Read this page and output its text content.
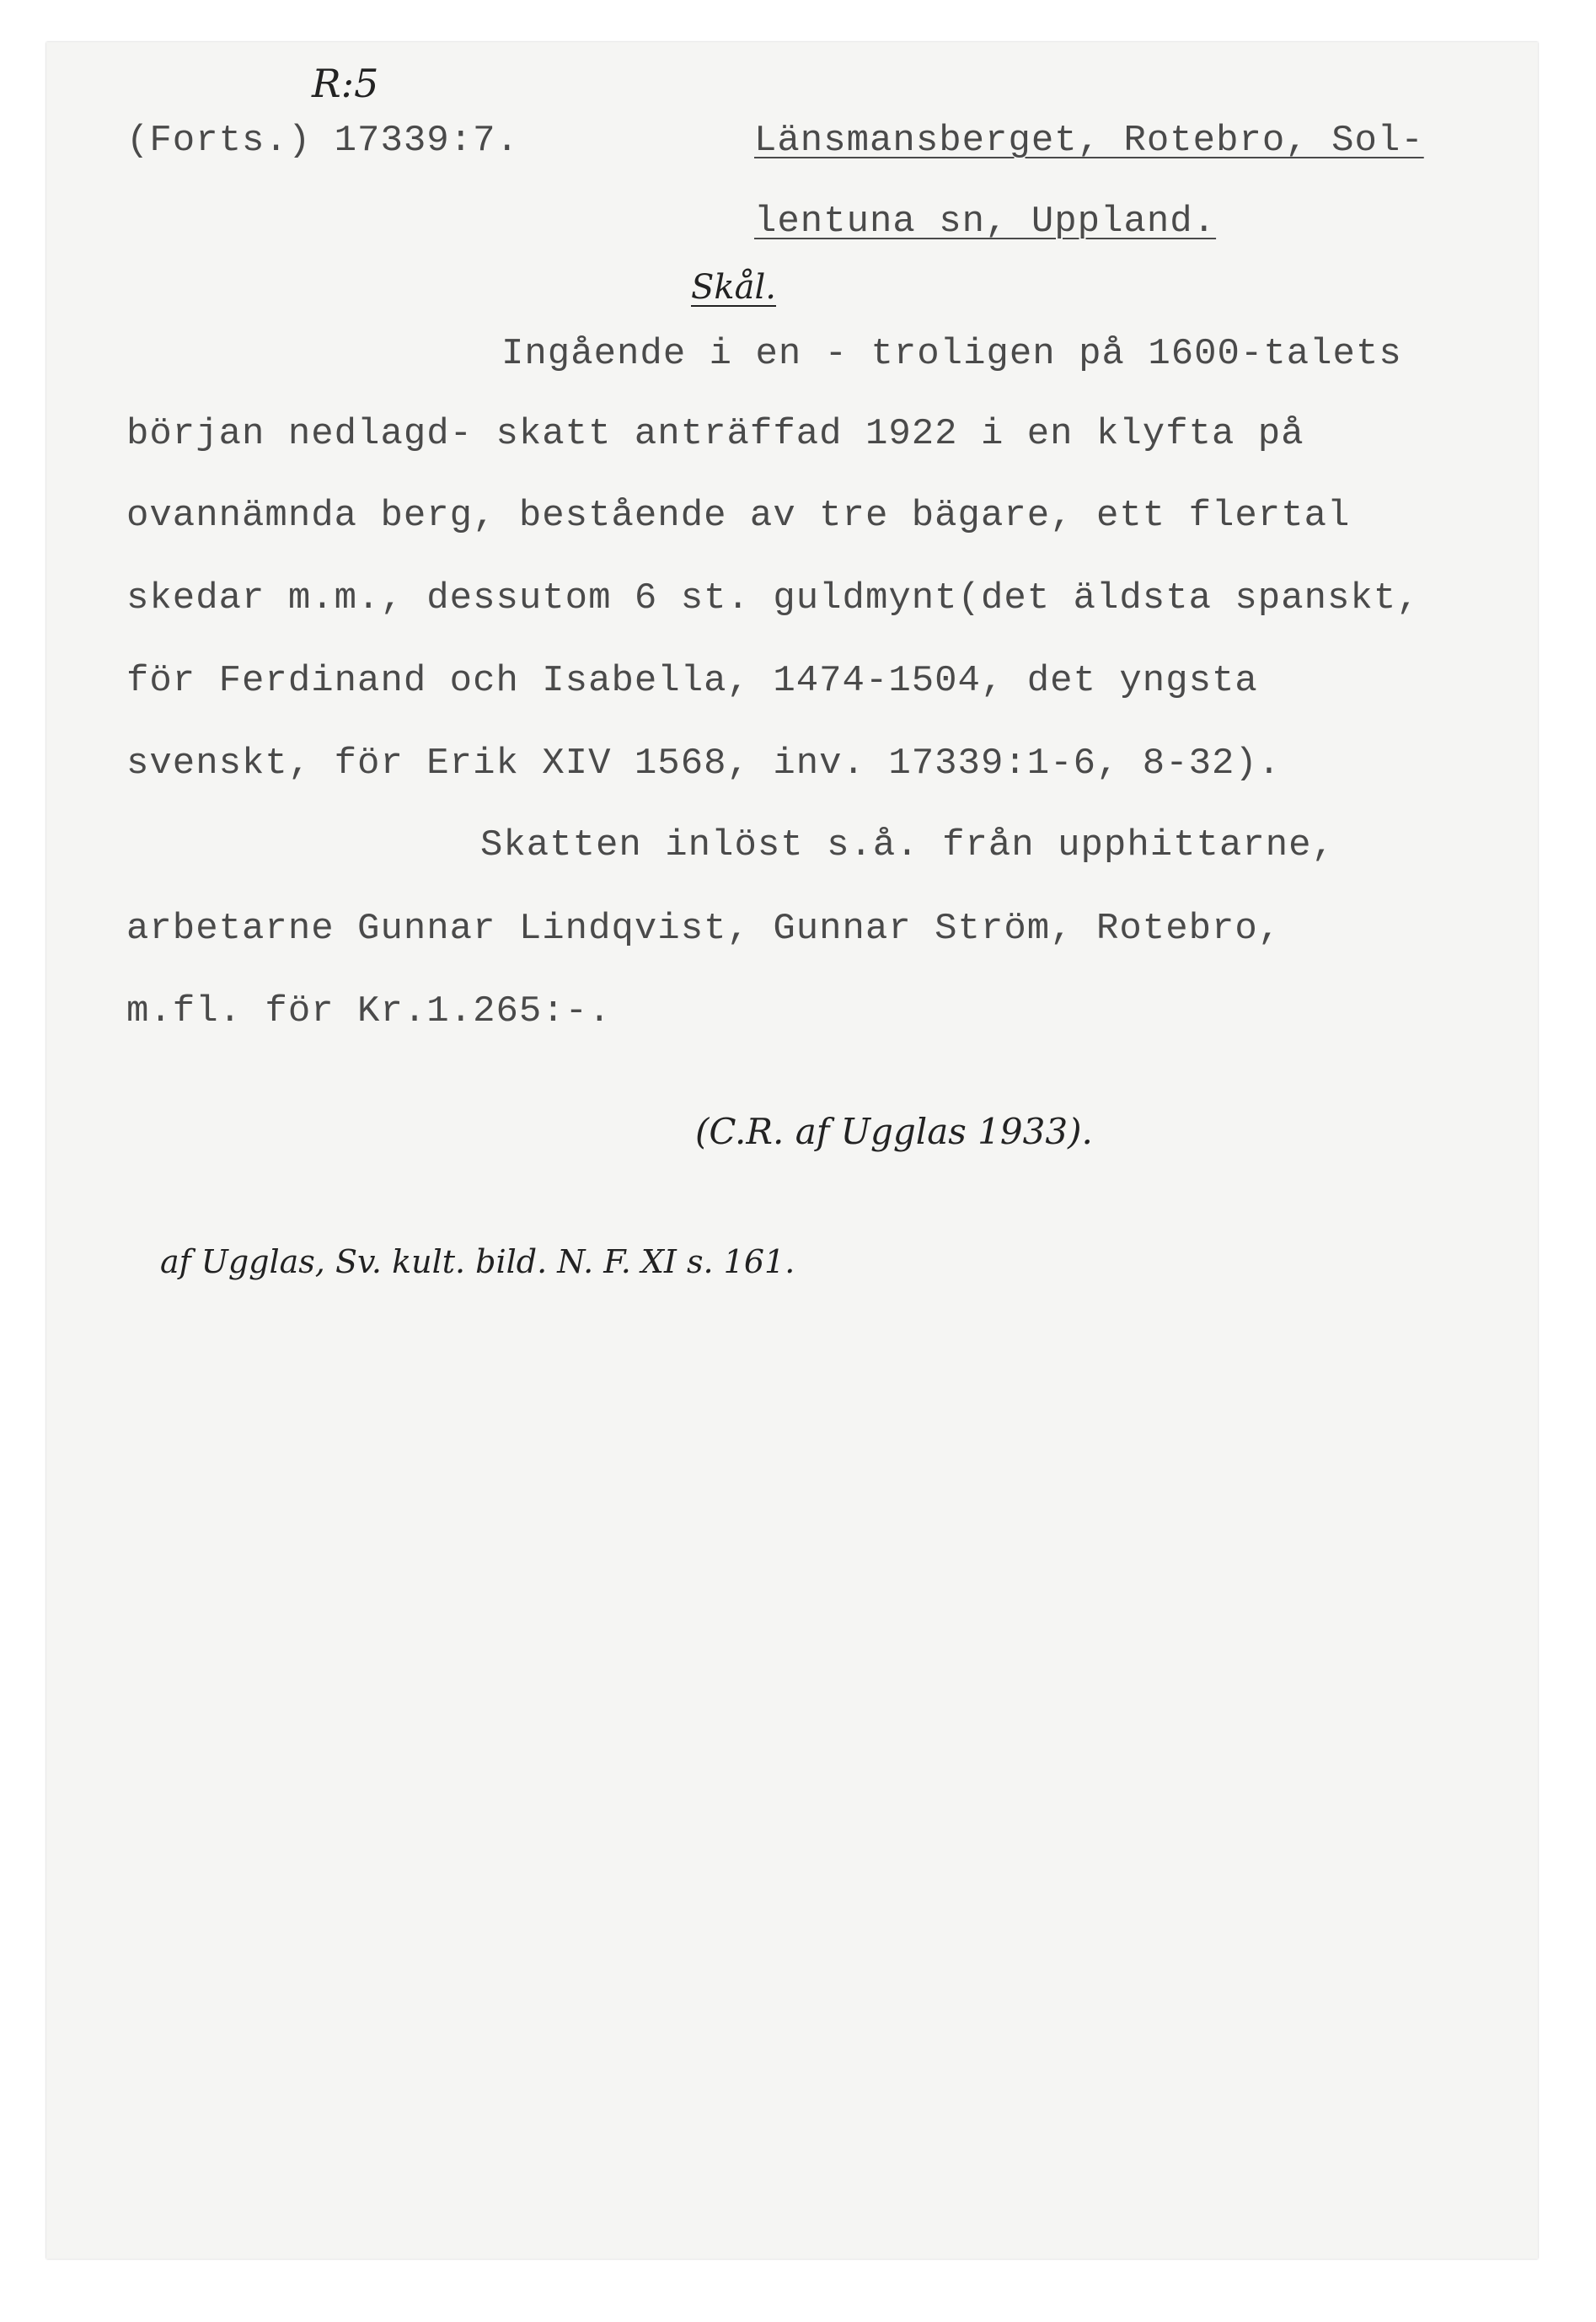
R:5
(Forts.) 17339:7.	Länsmansberget, Rotebro, Sol-
lentuna sn, Uppland.
Skål.
Ingående i en - troligen på 1600-talets
början nedlagd- skatt anträffad 1922 i en klyfta på
ovannämnda berg, bestående av tre bägare, ett flertal
skedar m.m., dessutom 6 st. guldmynt(det äldsta spanskt,
för Ferdinand och Isabella, 1474-1504, det yngsta
svenskt, för Erik XIV 1568, inv. 17339:1-6, 8-32).
Skatten inlöst s.å. från upphittarne,
arbetarne Gunnar Lindqvist, Gunnar Ström, Rotebro,
m.fl. för Kr.1.265:-.
(C.R. af Ugglas 1933).
af Ugglas, Sv. kult. bild. N. F. XI s. 161.
